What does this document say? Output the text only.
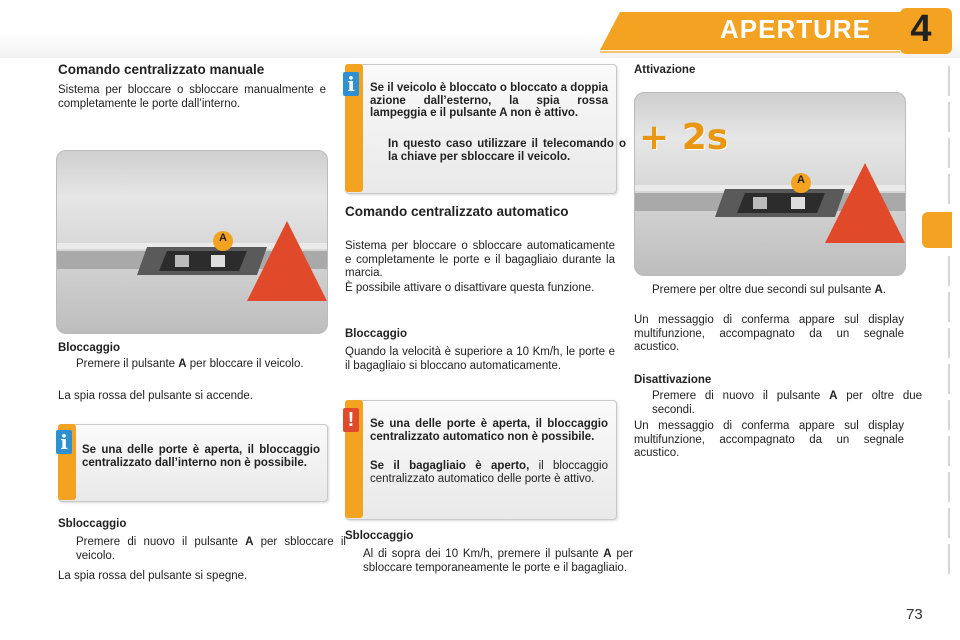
APERTURE	4
Comando centralizzato manuale
Sistema per bloccare o sbloccare manualmente e completamente le porte dall’interno.
A
Bloccaggio
Premere il pulsante A per bloccare il veicolo.
La spia rossa del pulsante si accende.
i	Se una delle porte è aperta, il bloccaggio centralizzato dall’interno non è possibile.
Sbloccaggio
Premere di nuovo il pulsante A per sbloccare il veicolo.
La spia rossa del pulsante si spegne.
i	Se il veicolo è bloccato o bloccato a doppia azione dall’esterno, la spia rossa lampeggia e il pulsante A non è attivo.
In questo caso utilizzare il telecomando o la chiave per sbloccare il veicolo.
Comando centralizzato automatico
Sistema per bloccare o sbloccare automaticamente e completamente le porte e il bagagliaio durante la marcia.
È possibile attivare o disattivare questa funzione.
Bloccaggio
Quando la velocità è superiore a 10 Km/h, le porte e il bagagliaio si bloccano automaticamente.
!	Se una delle porte è aperta, il bloccaggio centralizzato automatico non è possibile.
Se il bagagliaio è aperto, il bloccaggio centralizzato automatico delle porte è attivo.
Sbloccaggio
Al di sopra dei 10 Km/h, premere il pulsante A per sbloccare temporaneamente le porte e il bagagliaio.
Attivazione
A
+ 2s
Premere per oltre due secondi sul pulsante A.
Un messaggio di conferma appare sul display multifunzione, accompagnato da un segnale acustico.
Disattivazione
Premere di nuovo il pulsante A per oltre due secondi.
Un messaggio di conferma appare sul display multifunzione, accompagnato da un segnale acustico.
73
